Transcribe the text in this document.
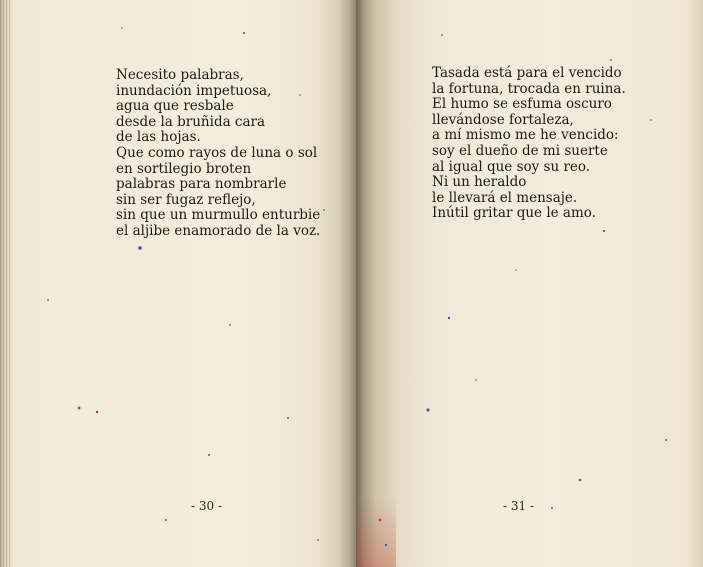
Necesito palabras,
inundación impetuosa,
agua que resbale
desde la bruñida cara
de las hojas.
Que como rayos de luna o sol
en sortilegio broten
palabras para nombrarle
sin ser fugaz reflejo,
sin que un murmullo enturbie
el aljibe enamorado de la voz.
- 30 -
Tasada está para el vencido
la fortuna, trocada en ruina.
El humo se esfuma oscuro
llevándose fortaleza,
a mí mismo me he vencido:
soy el dueño de mi suerte
al igual que soy su reo.
Ni un heraldo
le llevará el mensaje.
Inútil gritar que le amo.
- 31 -
